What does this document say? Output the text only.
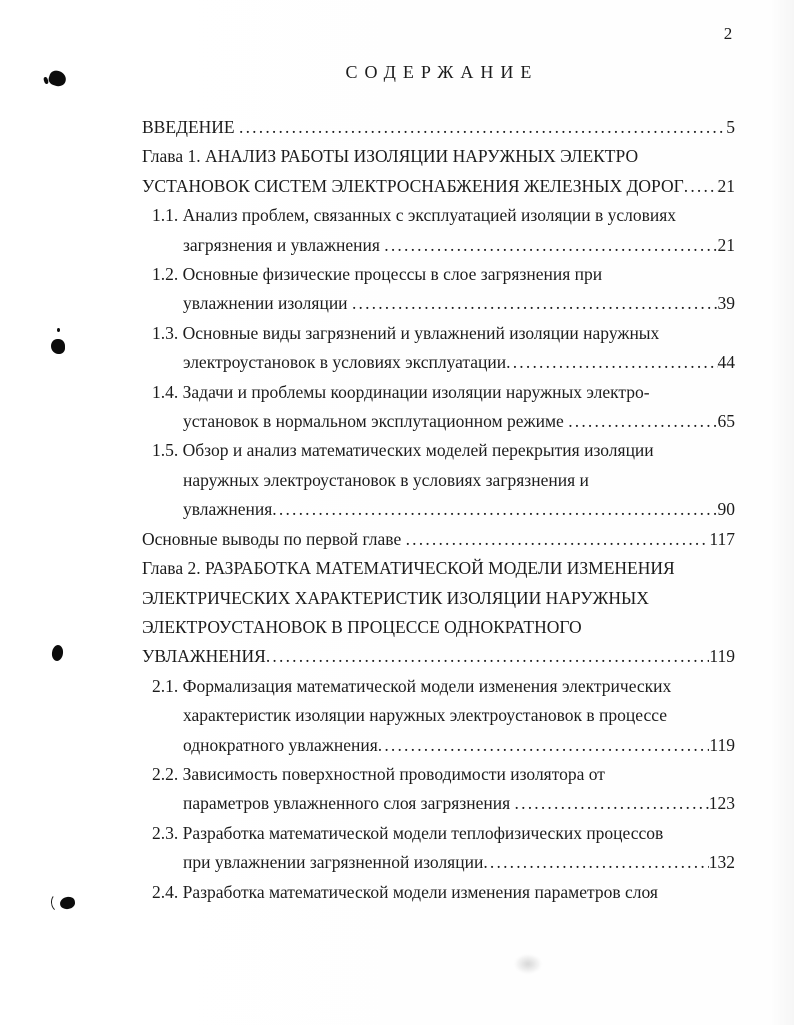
2
СОДЕРЖАНИЕ
ВВЕДЕНИЕ .....	5
Глава 1. АНАЛИЗ РАБОТЫ ИЗОЛЯЦИИ НАРУЖНЫХ ЭЛЕКТРО
УСТАНОВОК СИСТЕМ ЭЛЕКТРОСНАБЖЕНИЯ ЖЕЛЕЗНЫХ ДОРОГ ..... 21
1.1. Анализ проблем, связанных с эксплуатацией изоляции в условиях
загрязнения и увлажнения .....	21
1.2. Основные физические процессы в слое загрязнения при
увлажнении изоляции .....	39
1.3. Основные виды загрязнений и увлажнений изоляции наружных
электроустановок в условиях эксплуатации .....	44
1.4. Задачи и проблемы координации изоляции наружных электро-
установок в нормальном эксплутационном режиме .....	65
1.5. Обзор и анализ математических моделей перекрытия изоляции
наружных электроустановок в условиях загрязнения и
увлажнения .....	90
Основные выводы по первой главе .....	117
Глава 2. РАЗРАБОТКА МАТЕМАТИЧЕСКОЙ МОДЕЛИ ИЗМЕНЕНИЯ
ЭЛЕКТРИЧЕСКИХ ХАРАКТЕРИСТИК ИЗОЛЯЦИИ НАРУЖНЫХ
ЭЛЕКТРОУСТАНОВОК В ПРОЦЕССЕ ОДНОКРАТНОГО
УВЛАЖНЕНИЯ .....	119
2.1. Формализация математической модели изменения электрических
характеристик изоляции наружных электроустановок в процессе
однократного увлажнения .....	119
2.2. Зависимость поверхностной проводимости изолятора от
параметров увлажненного слоя загрязнения .....	123
2.3. Разработка математической модели теплофизических процессов
при увлажнении загрязненной изоляции .....	132
2.4. Разработка математической модели изменения параметров слоя
